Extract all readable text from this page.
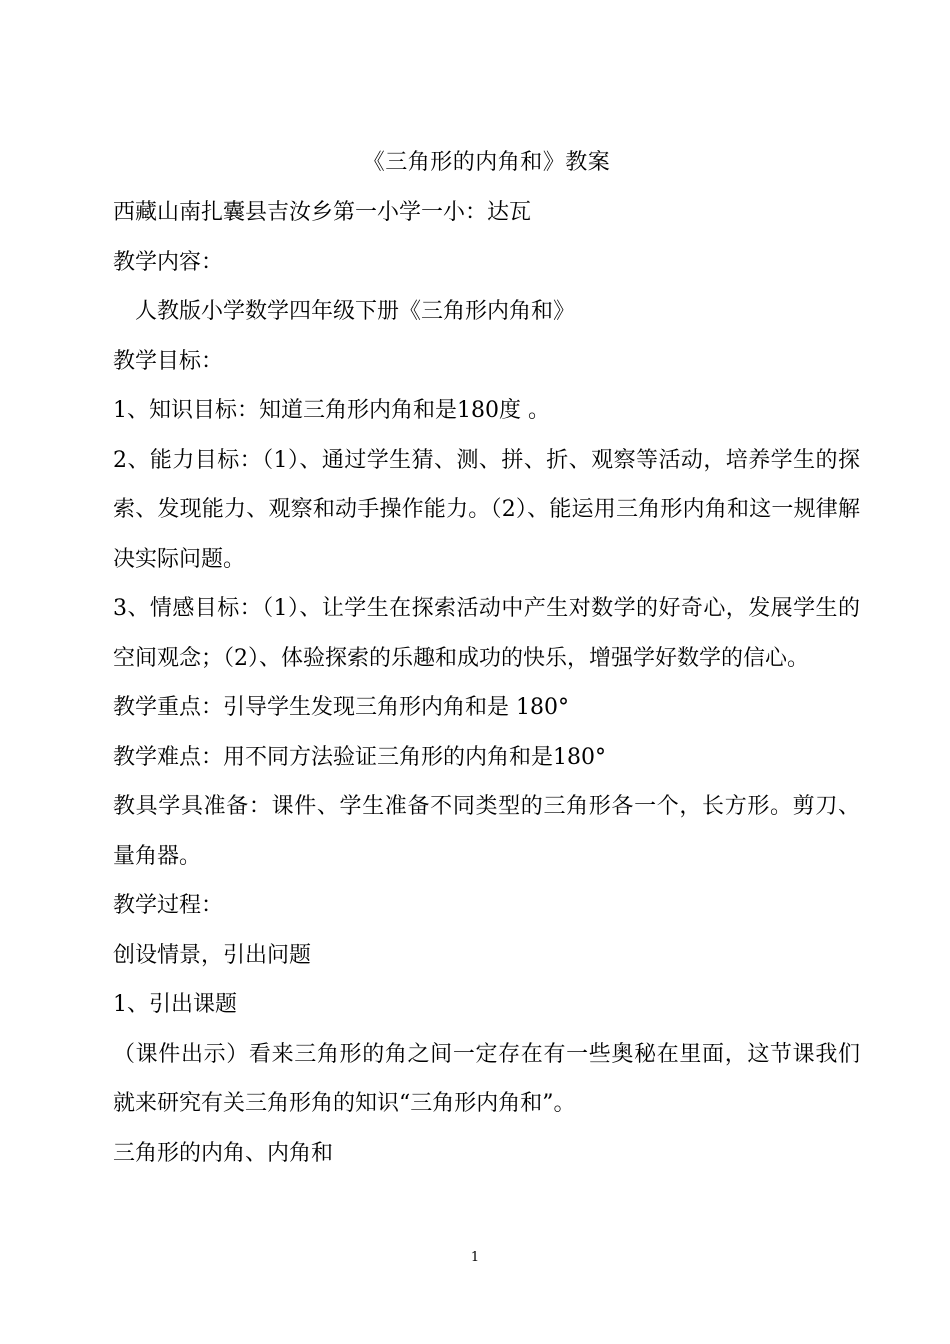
《三角形的内角和》教案

西藏山南扎囊县吉汝乡第一小学一小：达瓦

教学内容：

人教版小学数学四年级下册《三角形内角和》

教学目标：

1、知识目标：知道三角形内角和是180度 。

2、能力目标：（1）、通过学生猜、测、拼、折、观察等活动，培养学生的探索、发现能力、观察和动手操作能力。（2）、能运用三角形内角和这一规律解决实际问题。

3、情感目标：（1）、让学生在探索活动中产生对数学的好奇心，发展学生的空间观念；（2）、体验探索的乐趣和成功的快乐，增强学好数学的信心。

教学重点：引导学生发现三角形内角和是 180°

教学难点：用不同方法验证三角形的内角和是180°

教具学具准备：课件、学生准备不同类型的三角形各一个，长方形。剪刀、量角器。

教学过程：

创设情景，引出问题

1、引出课题

（课件出示）看来三角形的角之间一定存在有一些奥秘在里面，这节课我们就来研究有关三角形角的知识“三角形内角和”。

三角形的内角、内角和

1
